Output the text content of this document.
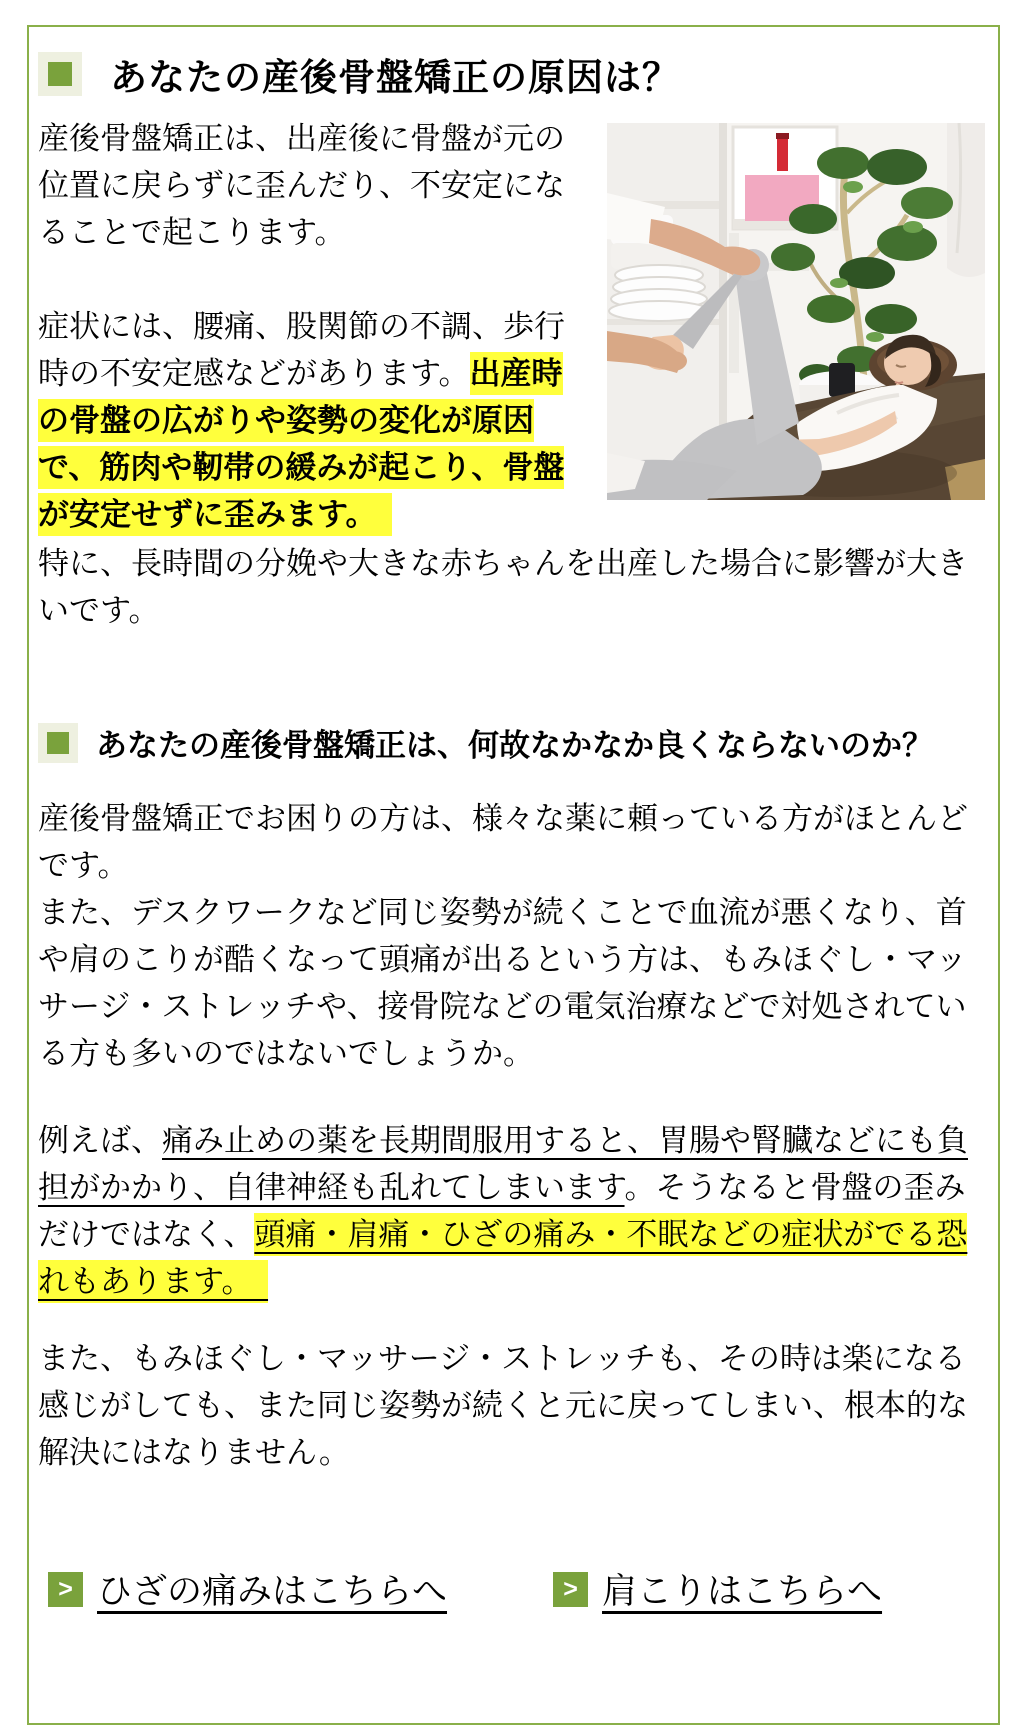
あなたの産後骨盤矯正の原因は？

産後骨盤矯正は、出産後に骨盤が元の位置に戻らずに歪んだり、不安定になることで起こります。

症状には、腰痛、股関節の不調、歩行時の不安定感などがあります。出産時の骨盤の広がりや姿勢の変化が原因で、筋肉や靭帯の緩みが起こり、骨盤が安定せずに歪みます。　

特に、長時間の分娩や大きな赤ちゃんを出産した場合に影響が大きいです。

あなたの産後骨盤矯正は、何故なかなか良くならないのか？

産後骨盤矯正でお困りの方は、様々な薬に頼っている方がほとんどです。

また、デスクワークなど同じ姿勢が続くことで血流が悪くなり、首や肩のこりが酷くなって頭痛が出るという方は、もみほぐし・マッサージ・ストレッチや、接骨院などの電気治療などで対処されている方も多いのではないでしょうか。

例えば、痛み止めの薬を長期間服用すると、胃腸や腎臓などにも負担がかかり、自律神経も乱れてしまいます。そうなると骨盤の歪みだけではなく、頭痛・肩痛・ひざの痛み・不眠などの症状がでる恐れもあります。　

また、もみほぐし・マッサージ・ストレッチも、その時は楽になる感じがしても、また同じ姿勢が続くと元に戻ってしまい、根本的な解決にはなりません。

> ひざの痛みはこちらへ	> 肩こりはこちらへ
